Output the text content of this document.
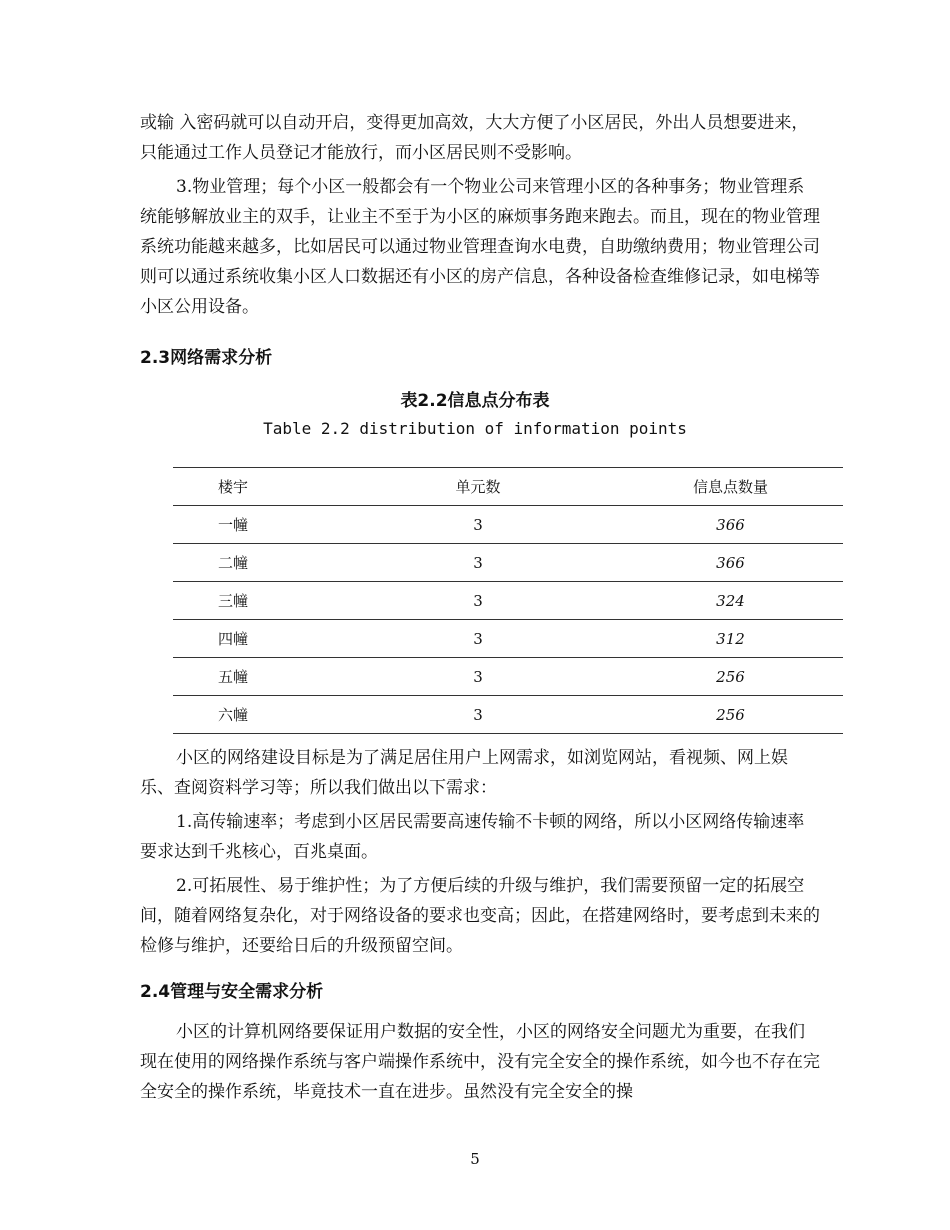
或输 入密码就可以自动开启，变得更加高效，大大方便了小区居民，外出人员想要进来，只能通过工作人员登记才能放行，而小区居民则不受影响。

3.物业管理；每个小区一般都会有一个物业公司来管理小区的各种事务；物业管理系统能够解放业主的双手，让业主不至于为小区的麻烦事务跑来跑去。而且，现在的物业管理系统功能越来越多，比如居民可以通过物业管理查询水电费，自助缴纳费用；物业管理公司则可以通过系统收集小区人口数据还有小区的房产信息，各种设备检查维修记录，如电梯等小区公用设备。

2.3网络需求分析
表2.2信息点分布表
Table 2.2 distribution of information points
楼宇	单元数	信息点数量
一幢	3	366
二幢	3	366
三幢	3	324
四幢	3	312
五幢	3	256
六幢	3	256

小区的网络建设目标是为了满足居住用户上网需求，如浏览网站，看视频、网上娱乐、查阅资料学习等；所以我们做出以下需求：

1.高传输速率；考虑到小区居民需要高速传输不卡顿的网络，所以小区网络传输速率要求达到千兆核心，百兆桌面。

2.可拓展性、易于维护性；为了方便后续的升级与维护，我们需要预留一定的拓展空间，随着网络复杂化，对于网络设备的要求也变高；因此，在搭建网络时，要考虑到未来的检修与维护，还要给日后的升级预留空间。

2.4管理与安全需求分析

小区的计算机网络要保证用户数据的安全性，小区的网络安全问题尤为重要，在我们现在使用的网络操作系统与客户端操作系统中，没有完全安全的操作系统，如今也不存在完全安全的操作系统，毕竟技术一直在进步。虽然没有完全安全的操

5
